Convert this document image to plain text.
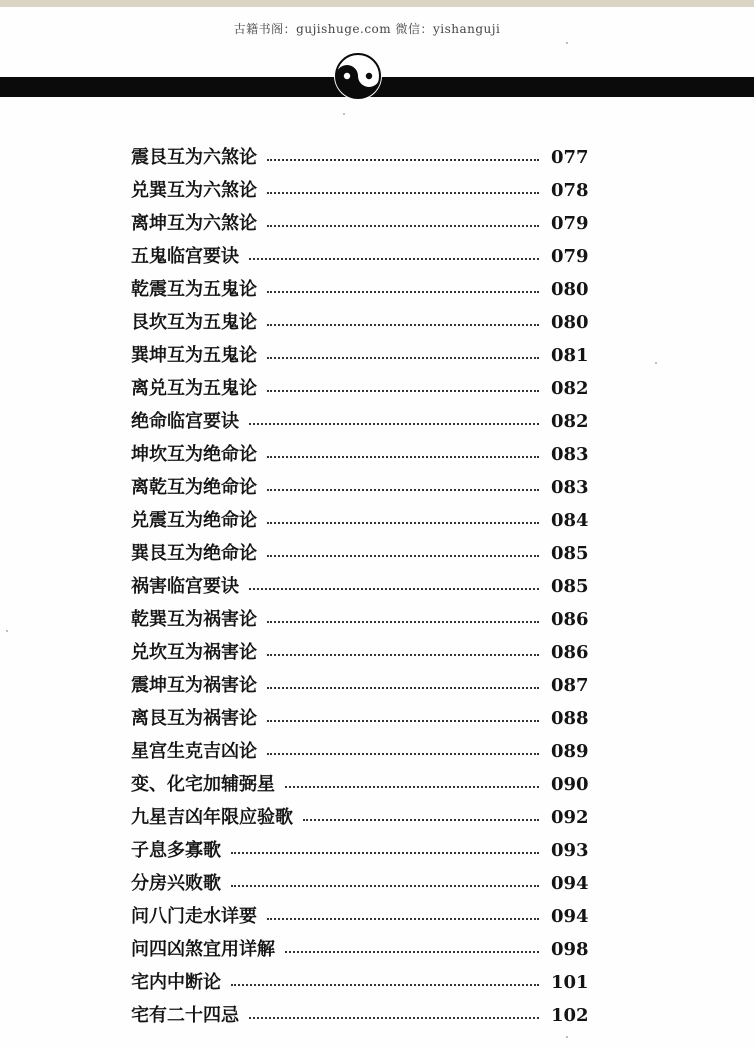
古籍书阁：gujishuge.com 微信：yishanguji
震艮互为六煞论	077
兑巽互为六煞论	078
离坤互为六煞论	079
五鬼临宫要诀	079
乾震互为五鬼论	080
艮坎互为五鬼论	080
巽坤互为五鬼论	081
离兑互为五鬼论	082
绝命临宫要诀	082
坤坎互为绝命论	083
离乾互为绝命论	083
兑震互为绝命论	084
巽艮互为绝命论	085
祸害临宫要诀	085
乾巽互为祸害论	086
兑坎互为祸害论	086
震坤互为祸害论	087
离艮互为祸害论	088
星宫生克吉凶论	089
变、化宅加辅弼星	090
九星吉凶年限应验歌	092
子息多寡歌	093
分房兴败歌	094
问八门走水详要	094
问四凶煞宜用详解	098
宅内中断论	101
宅有二十四忌	102
